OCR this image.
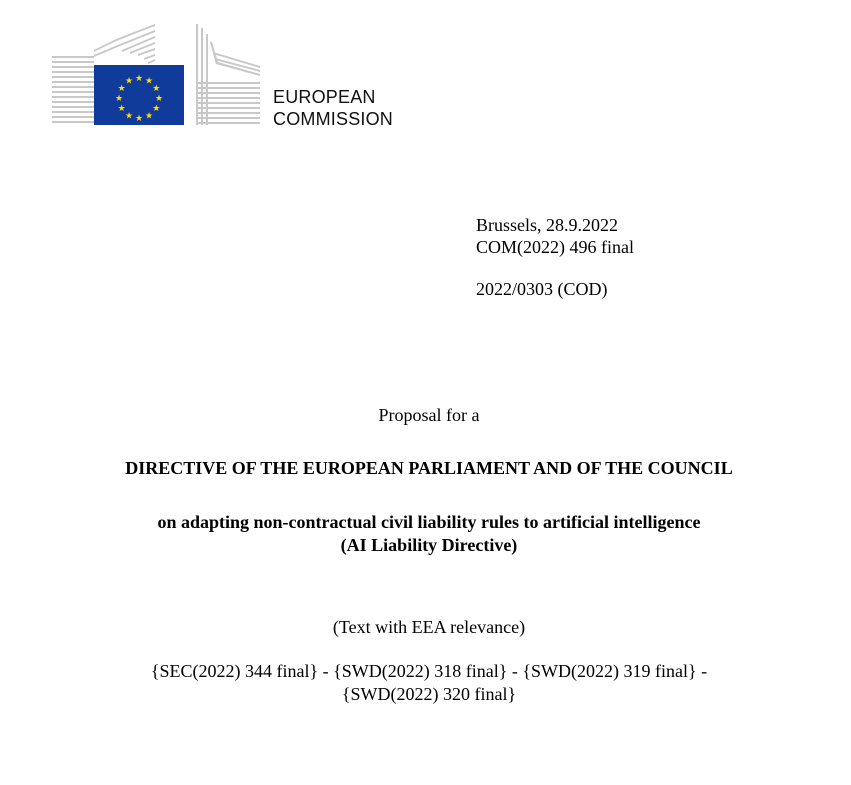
★ ★
★
★
★
★
★
★
★
★
★
★
EUROPEAN
COMMISSION
Brussels, 28.9.2022
COM(2022) 496 final
2022/0303 (COD)
Proposal for a
DIRECTIVE OF THE EUROPEAN PARLIAMENT AND OF THE COUNCIL
on adapting non-contractual civil liability rules to artificial intelligence
(AI Liability Directive)
(Text with EEA relevance)
{SEC(2022) 344 final} - {SWD(2022) 318 final} - {SWD(2022) 319 final} -
{SWD(2022) 320 final}
